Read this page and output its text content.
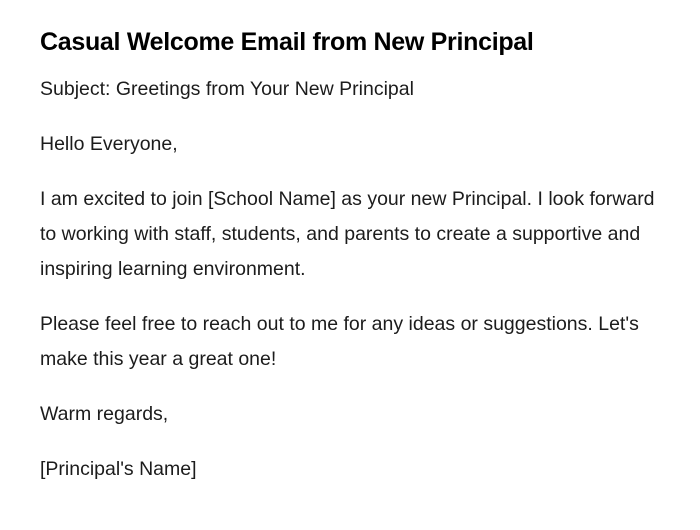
Casual Welcome Email from New Principal

Subject: Greetings from Your New Principal

Hello Everyone,

I am excited to join [School Name] as your new Principal. I look forward to working with staff, students, and parents to create a supportive and inspiring learning environment.

Please feel free to reach out to me for any ideas or suggestions. Let's make this year a great one!

Warm regards,

[Principal's Name]
